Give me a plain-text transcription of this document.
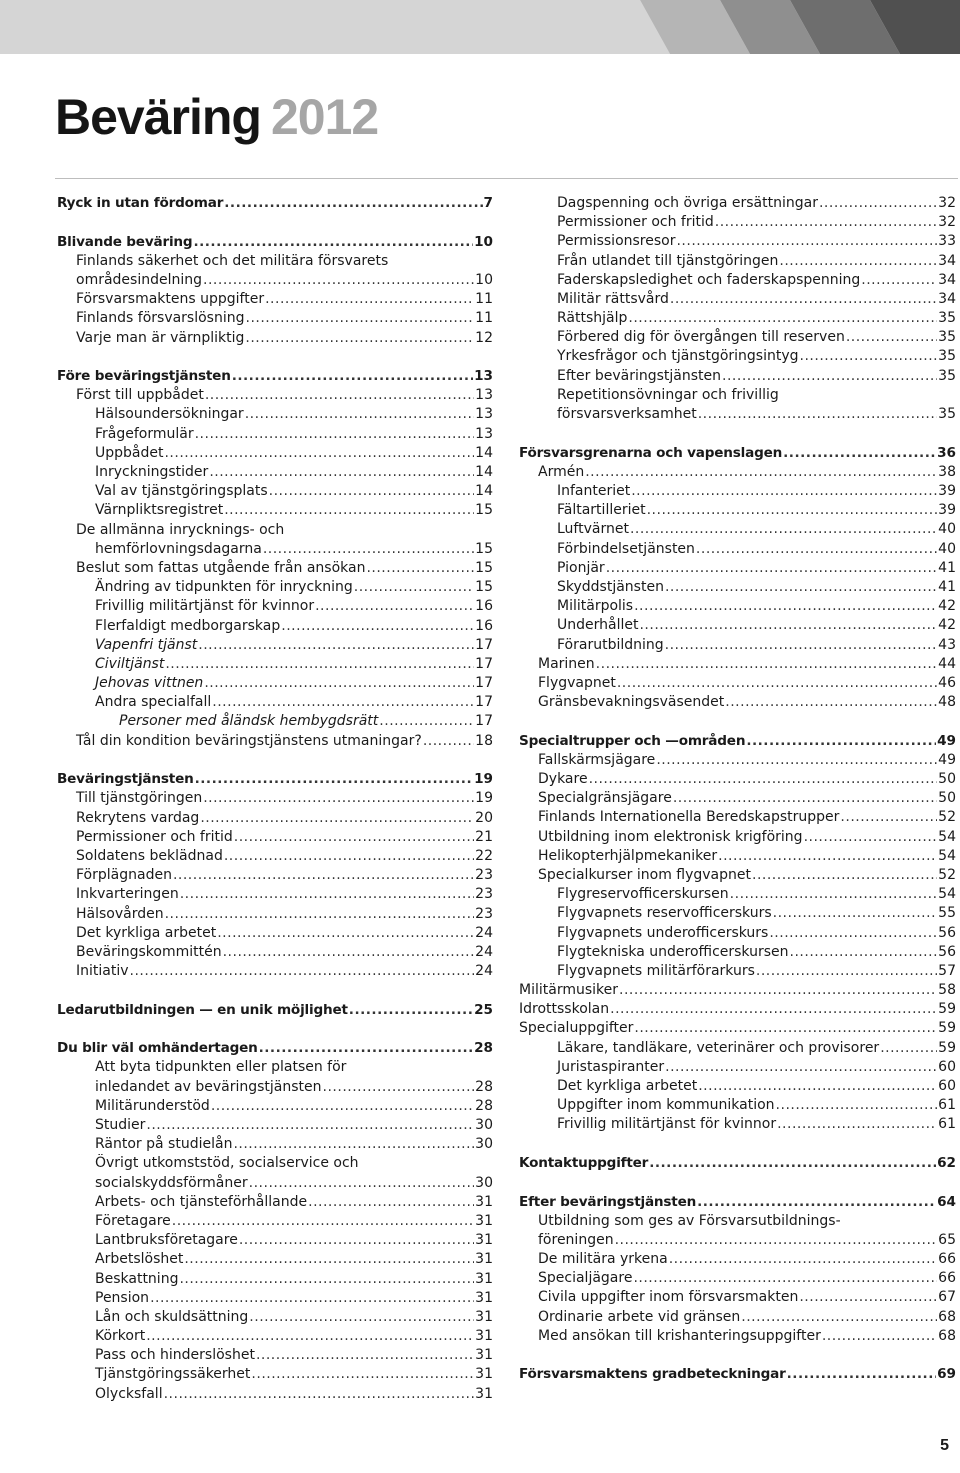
Beväring 2012
Ryck in utan fördomar .....	7
Blivande beväring .....	10
Finlands säkerhet och det militära försvarets
områdesindelning .....	10
Försvarsmaktens uppgifter .....	11
Finlands försvarslösning .....	11
Varje man är värnpliktig .....	12
Före beväringstjänsten .....	13
Först till uppbådet .....	13
Hälsoundersökningar .....	13
Frågeformulär .....	13
Uppbådet .....	14
Inryckningstider .....	14
Val av tjänstgöringsplats .....	14
Värnpliktsregistret .....	15
De allmänna inrycknings- och
hemförlovningsdagarna .....	15
Beslut som fattas utgående från ansökan .....	15
Ändring av tidpunkten för inryckning .....	15
Frivillig militärtjänst för kvinnor .....	16
Flerfaldigt medborgarskap .....	16
Vapenfri tjänst .....	17
Civiltjänst .....	17
Jehovas vittnen .....	17
Andra specialfall .....	17
Personer med åländsk hembygdsrätt .....	17
Tål din kondition beväringstjänstens utmaningar? .....	18
Beväringstjänsten .....	19
Till tjänstgöringen .....	19
Rekrytens vardag .....	20
Permissioner och fritid .....	21
Soldatens beklädnad .....	22
Förplägnaden .....	23
Inkvarteringen .....	23
Hälsovården .....	23
Det kyrkliga arbetet .....	24
Beväringskommittén .....	24
Initiativ .....	24
Ledarutbildningen — en unik möjlighet .....	25
Du blir väl omhändertagen .....	28
Att byta tidpunkten eller platsen för
inledandet av beväringstjänsten .....	28
Militärunderstöd .....	28
Studier .....	30
Räntor på studielån .....	30
Övrigt utkomststöd, socialservice och
socialskyddsförmåner .....	30
Arbets- och tjänsteförhållande .....	31
Företagare .....	31
Lantbruksföretagare .....	31
Arbetslöshet .....	31
Beskattning .....	31
Pension .....	31
Lån och skuldsättning .....	31
Körkort .....	31
Pass och hinderslöshet .....	31
Tjänstgöringssäkerhet .....	31
Olycksfall .....	31
Dagspenning och övriga ersättningar .....	32
Permissioner och fritid .....	32
Permissionsresor .....	33
Från utlandet till tjänstgöringen .....	34
Faderskapsledighet och faderskapspenning .....	34
Militär rättsvård .....	34
Rättshjälp .....	35
Förbered dig för övergången till reserven .....	35
Yrkesfrågor och tjänstgöringsintyg .....	35
Efter beväringstjänsten .....	35
Repetitionsövningar och frivillig
försvarsverksamhet .....	35
Försvarsgrenarna och vapenslagen .....	36
Armén .....	38
Infanteriet .....	39
Fältartilleriet .....	39
Luftvärnet .....	40
Förbindelsetjänsten .....	40
Pionjär .....	41
Skyddstjänsten .....	41
Militärpolis .....	42
Underhållet .....	42
Förarutbildning .....	43
Marinen .....	44
Flygvapnet .....	46
Gränsbevakningsväsendet .....	48
Specialtrupper och —områden .....	49
Fallskärmsjägare .....	49
Dykare .....	50
Specialgränsjägare .....	50
Finlands Internationella Beredskapstrupper .....	52
Utbildning inom elektronisk krigföring .....	54
Helikopterhjälpmekaniker .....	54
Specialkurser inom flygvapnet .....	52
Flygreservofficerskursen .....	54
Flygvapnets reservofficerskurs .....	55
Flygvapnets underofficerskurs .....	56
Flygtekniska underofficerskursen .....	56
Flygvapnets militärförarkurs .....	57
Militärmusiker .....	58
Idrottsskolan .....	59
Specialuppgifter .....	59
Läkare, tandläkare, veterinärer och provisorer .....	59
Juristaspiranter .....	60
Det kyrkliga arbetet .....	60
Uppgifter inom kommunikation .....	61
Frivillig militärtjänst för kvinnor .....	61
Kontaktuppgifter .....	62
Efter beväringstjänsten .....	64
Utbildning som ges av Försvarsutbildnings-
föreningen .....	65
De militära yrkena .....	66
Specialjägare .....	66
Civila uppgifter inom försvarsmakten .....	67
Ordinarie arbete vid gränsen .....	68
Med ansökan till krishanteringsuppgifter .....	68
Försvarsmaktens gradbeteckningar .....	69
5
